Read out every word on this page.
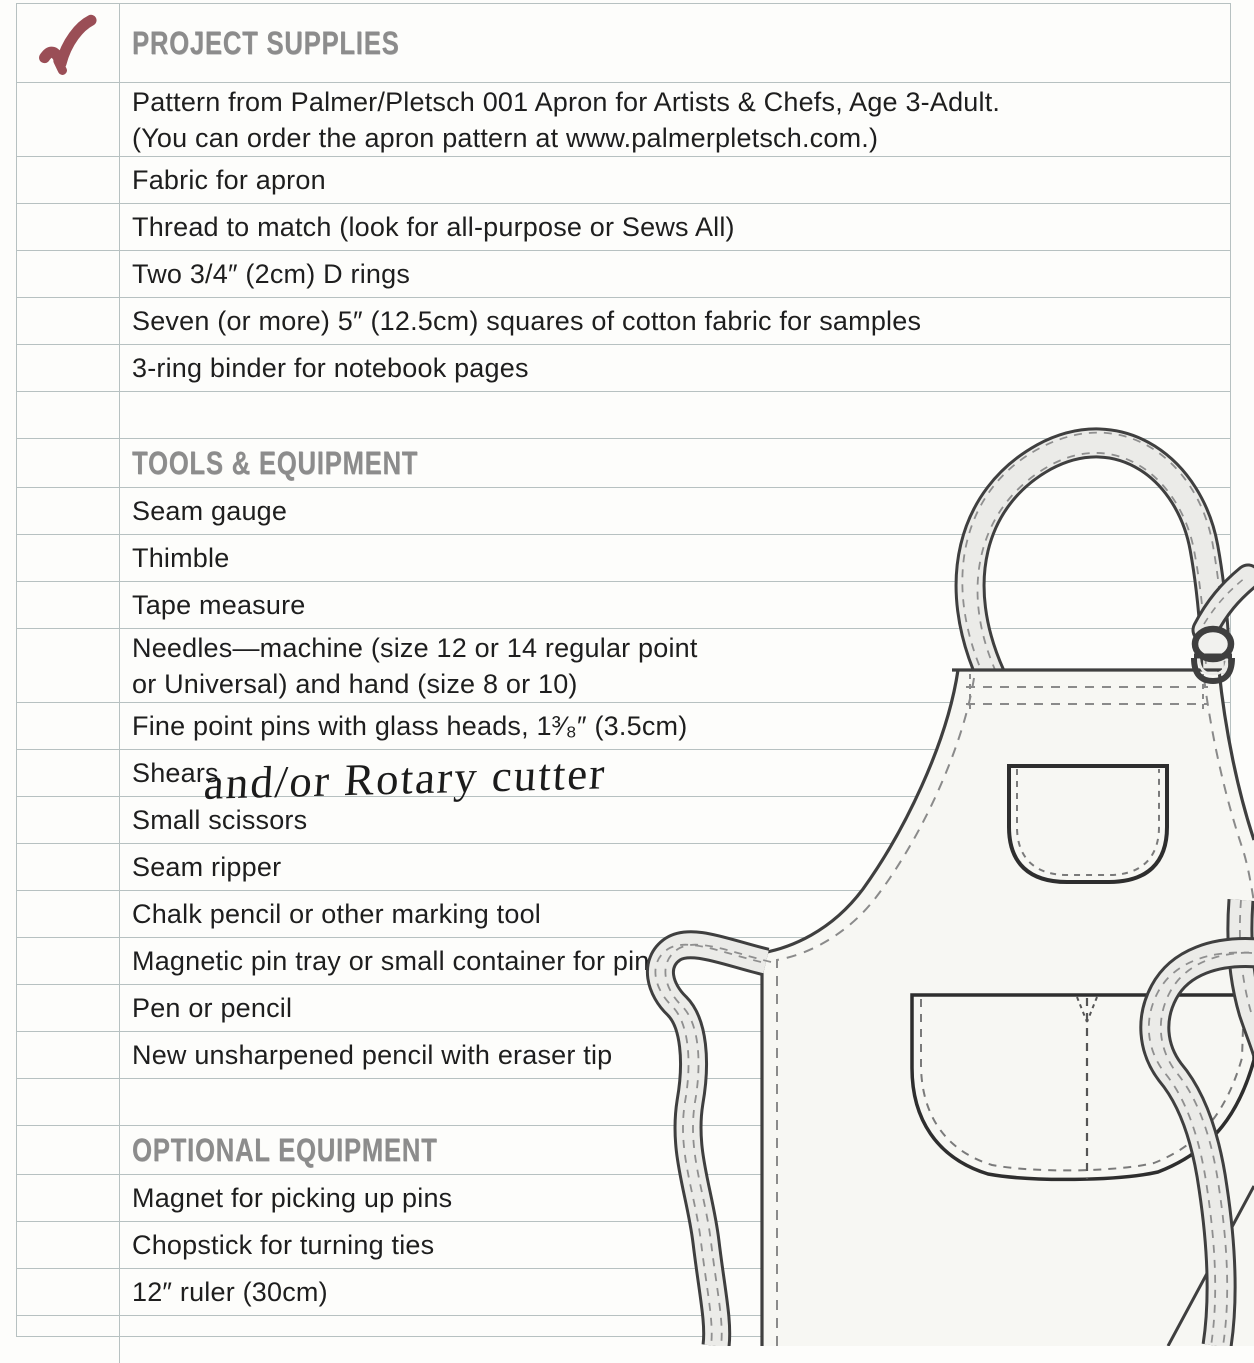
PROJECT SUPPLIES
Pattern from Palmer/Pletsch 001 Apron for Artists & Chefs, Age 3-Adult.
(You can order the apron pattern at www.palmerpletsch.com.)
Fabric for apron
Thread to match (look for all-purpose or Sews All)
Two 3/4″ (2cm) D rings
Seven (or more) 5″ (12.5cm) squares of cotton fabric for samples
3-ring binder for notebook pages
TOOLS & EQUIPMENT
Seam gauge
Thimble
Tape measure
Needles—machine (size 12 or 14 regular point
or Universal) and hand (size 8 or 10)
Fine point pins with glass heads, 1³⁄₈″ (3.5cm)
Shears
Small scissors
Seam ripper
Chalk pencil or other marking tool
Magnetic pin tray or small container for pins
Pen or pencil
New unsharpened pencil with eraser tip
OPTIONAL EQUIPMENT
Magnet for picking up pins
Chopstick for turning ties
12″ ruler (30cm)
and/or Rotary cutter
